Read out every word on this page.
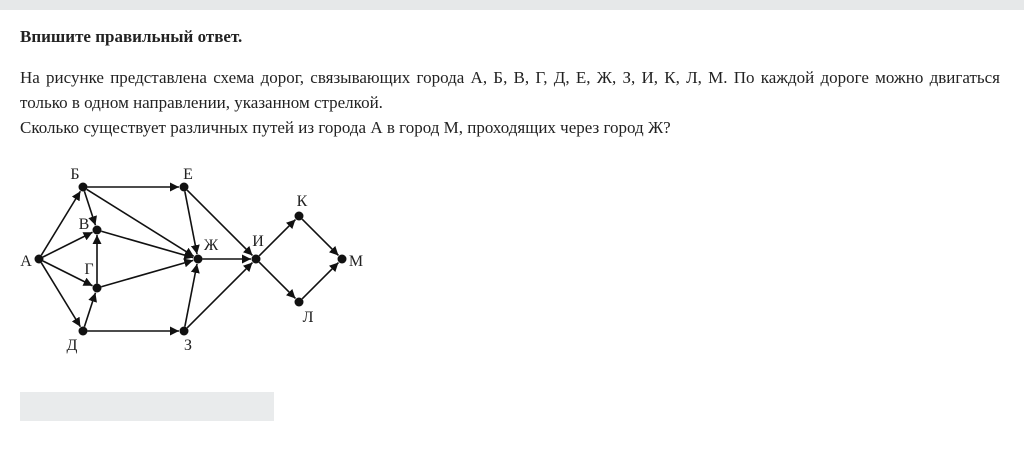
Впишите правильный ответ.

На рисунке представлена схема дорог, связывающих города А, Б, В, Г, Д, Е, Ж, З, И, К, Л, М. По каждой дороге можно двигаться только в одном направлении, указанном стрелкой.

Сколько существует различных путей из города А в город М, проходящих через город Ж?

А
Б
В
Г
Д
Е
Ж
З
И
К
Л
М
